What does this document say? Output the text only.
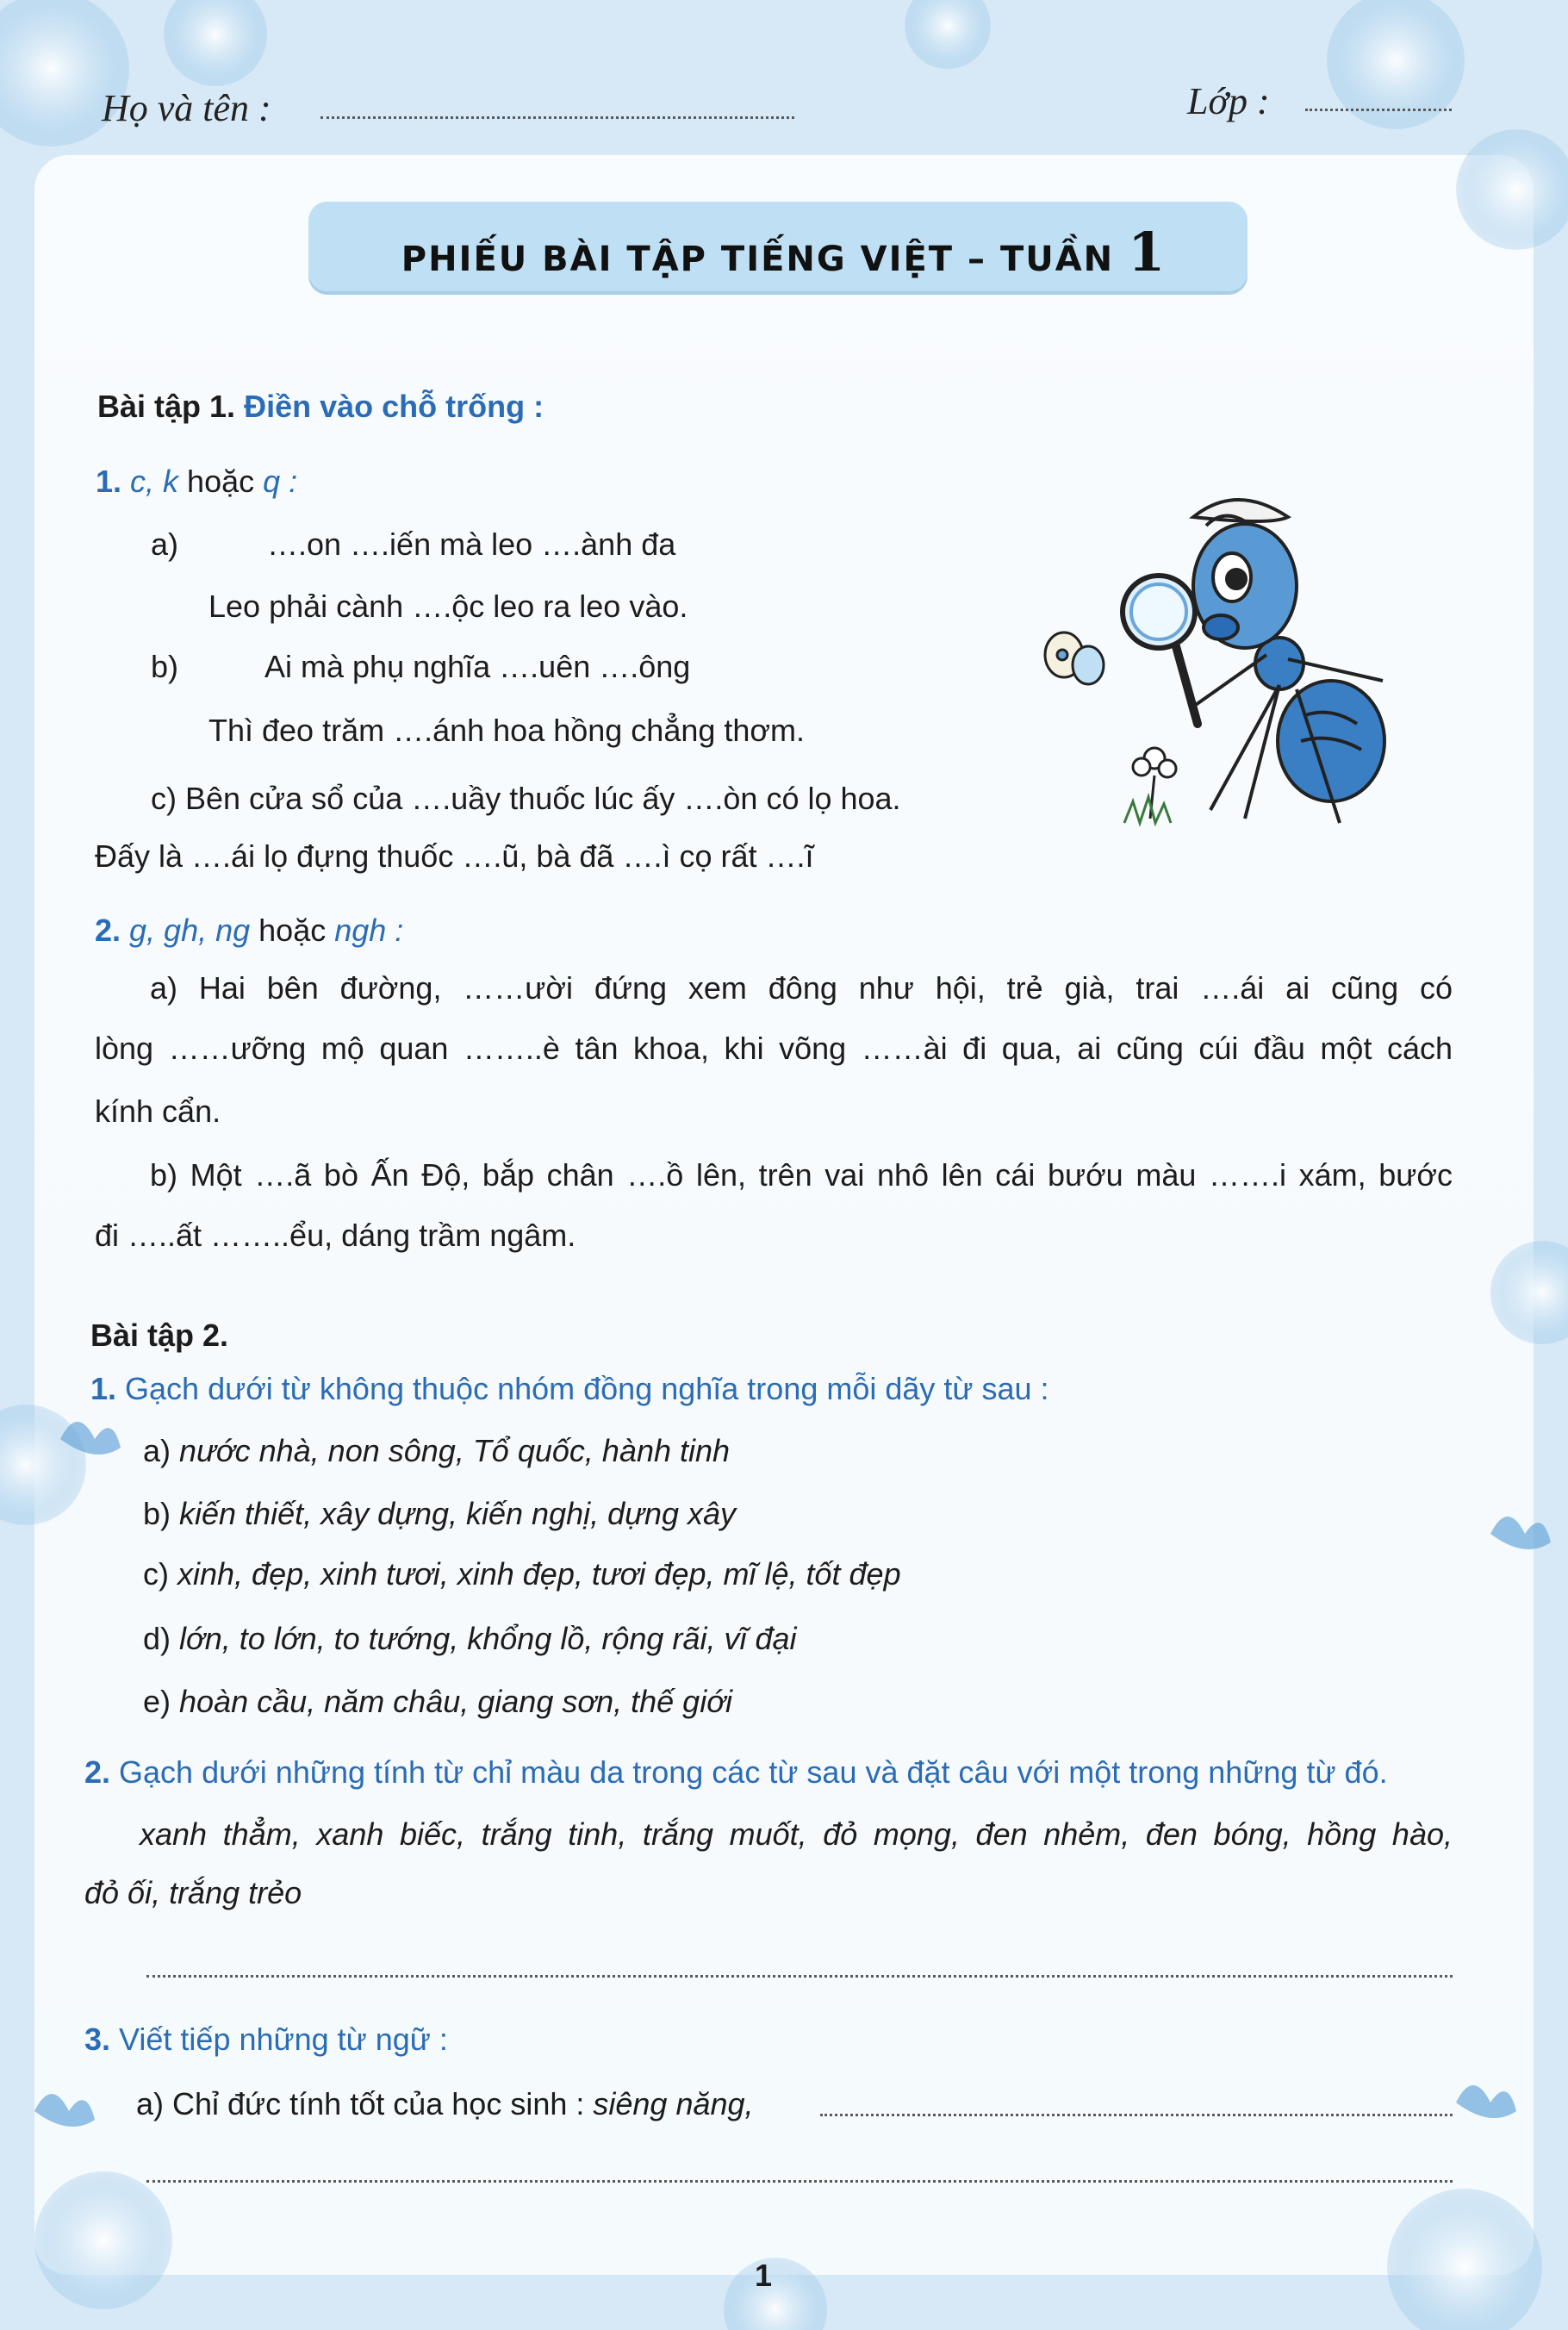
Họ và tên :	Lớp :
PHIẾU BÀI TẬP TIẾNG VIỆT – TUẦN 1
Bài tập 1. Điền vào chỗ trống :
1. c, k hoặc q :
a)	….on ….iến mà leo ….ành đa
Leo phải cành ….ộc leo ra leo vào.
b)	Ai mà phụ nghĩa ….uên ….ông
Thì đeo trăm ….ánh hoa hồng chẳng thơm.
c) Bên cửa sổ của ….uầy thuốc lúc ấy ….òn có lọ hoa.
Đấy là ….ái lọ đựng thuốc ….ũ, bà đã ….ì cọ rất ….ĩ
2. g, gh, ng hoặc ngh :
a) Hai bên đường, ……ười đứng xem đông như hội, trẻ già, trai ….ái ai cũng có
lòng ……ưỡng mộ quan ……..è tân khoa, khi võng ……ài đi qua, ai cũng cúi đầu một cách
kính cẩn.
b) Một ….ã bò Ấn Độ, bắp chân ….ồ lên, trên vai nhô lên cái bướu màu …….i xám, bước
đi …..ất ……..ểu, dáng trầm ngâm.
Bài tập 2.
1. Gạch dưới từ không thuộc nhóm đồng nghĩa trong mỗi dãy từ sau :
a) nước nhà, non sông, Tổ quốc, hành tinh
b) kiến thiết, xây dựng, kiến nghị, dựng xây
c) xinh, đẹp, xinh tươi, xinh đẹp, tươi đẹp, mĩ lệ, tốt đẹp
d) lớn, to lớn, to tướng, khổng lồ, rộng rãi, vĩ đại
e) hoàn cầu, năm châu, giang sơn, thế giới
2. Gạch dưới những tính từ chỉ màu da trong các từ sau và đặt câu với một trong những từ đó.
xanh thẳm, xanh biếc, trắng tinh, trắng muốt, đỏ mọng, đen nhẻm, đen bóng, hồng hào,
đỏ ối, trắng trẻo
3. Viết tiếp những từ ngữ :
a) Chỉ đức tính tốt của học sinh : siêng năng,
1
